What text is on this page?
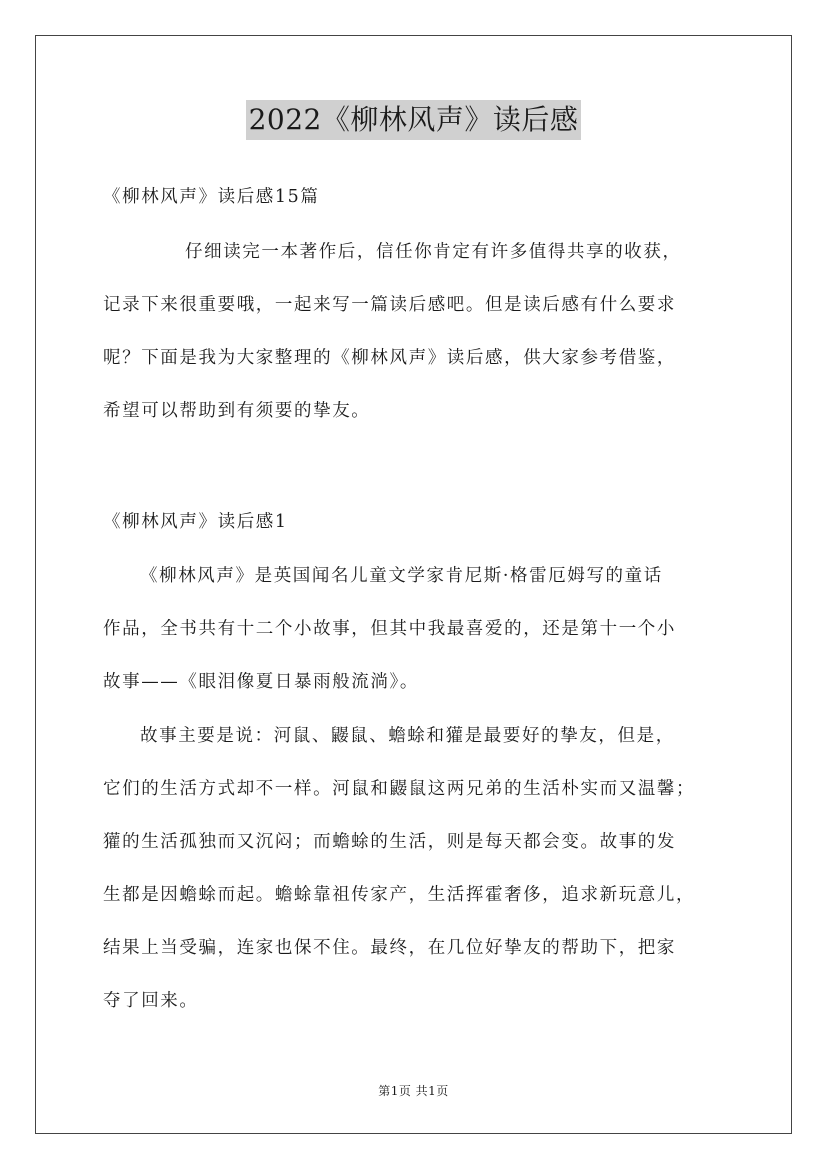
2022《柳林风声》读后感
《柳林风声》读后感15篇
仔细读完一本著作后，信任你肯定有许多值得共享的收获，
记录下来很重要哦，一起来写一篇读后感吧。但是读后感有什么要求
呢？下面是我为大家整理的《柳林风声》读后感，供大家参考借鉴，
希望可以帮助到有须要的挚友。
《柳林风声》读后感1
《柳林风声》是英国闻名儿童文学家肯尼斯·格雷厄姆写的童话
作品，全书共有十二个小故事，但其中我最喜爱的，还是第十一个小
故事——《眼泪像夏日暴雨般流淌》。
故事主要是说：河鼠、鼹鼠、蟾蜍和獾是最要好的挚友，但是，
它们的生活方式却不一样。河鼠和鼹鼠这两兄弟的生活朴实而又温馨；
獾的生活孤独而又沉闷；而蟾蜍的生活，则是每天都会变。故事的发
生都是因蟾蜍而起。蟾蜍靠祖传家产，生活挥霍奢侈，追求新玩意儿，
结果上当受骗，连家也保不住。最终，在几位好挚友的帮助下，把家
夺了回来。
第1页 共1页
